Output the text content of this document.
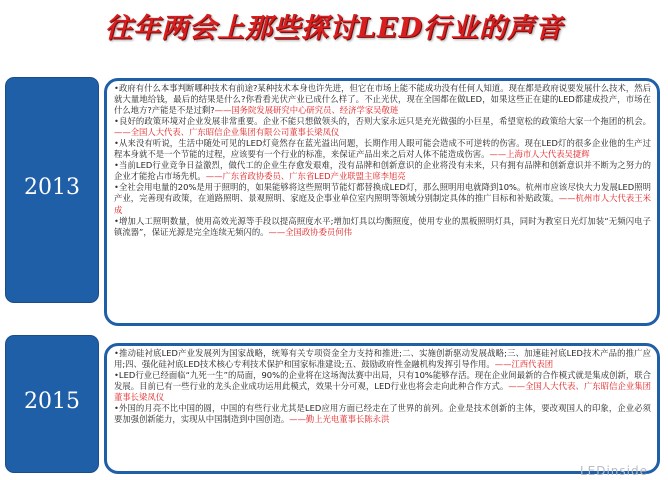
往年两会上那些探讨LED行业的声音
2013
•政府有什么本事判断哪种技术有前途?某种技术本身也许先进，但它在市场上能不能成功没有任何人知道。现在都是政府说要发展什么技术，然后就大量地给钱，最后的结果是什么?你看看光伏产业已成什么样了。不止光伏，现在全国都在做LED，如果这些正在建的LED都建成投产，市场在什么地方?产能是不是过剩?——国务院发展研究中心研究员、经济学家吴敬琏
•良好的政策环境对企业发展非常重要。企业不能只想做领头的，否则大家永远只是充光做强的小巨星，希望宽松的政策给大家一个拖团的机会。——全国人大代表、广东昭信企业集团有限公司董事长梁凤仪
•从来没有听说，生活中随处可见的LED灯竟然存在蓝光溢出问题，长期作用人眼可能会造成不可逆转的伤害。现在LED灯的很多企业他的生产过程本身就不是一个节能的过程，应该要有一个行业的标准，来保证产品出来之后对人体不能造成伤害。——上海市人大代表吴捷辉
•当前LED行业竞争日益激烈，做代工的企业生存愈发艰难，没有品牌和创新意识的企业将没有未来，只有拥有品牌和创新意识并不断为之努力的企业才能抢占市场先机。——广东省政协委员、广东省LED产业联盟主席李旭亮
•全社会用电量的20%是用于照明的，如果能够将这些照明节能灯都替换成LED灯，那么照明用电就降到10%。杭州市应该尽快大力发展LED照明产业，完善现有政策，在道路照明、景观照明、家庭及企事业单位室内照明等领域分别制定具体的推广目标和补贴政策。——杭州市人大代表王米成
•增加人工照明数量，使用高效光源等手段以提高照度水平;增加灯具以均衡照度，使用专业的黑板照明灯具，同时为教室日光灯加装“无频闪电子镇流器”，保证光源是完全连续无频闪的。——全国政协委员何伟
2015
•推动硅衬底LED产业发展列为国家战略，统筹有关专项资金全力支持和推进;二、实施创新驱动发展战略;三、加速硅衬底LED技术产品的推广应用;四、强化硅衬底LED技术核心专利技术保护和国家标准建设;五、鼓励政府性金融机构发挥引导作用。——江西代表团
•LED行业已经面临“九死一生”的局面，90%的企业将在这场淘汰赛中出局，只有10%能够存活。现在企业间最新的合作模式就是集成创新，联合发展。目前已有一些行业的龙头企业成功运用此模式，效果十分可观，LED行业也将会走向此种合作方式。——全国人大代表、广东昭信企业集团董事长梁凤仪
•外国的月亮不比中国的圆，中国的有些行业尤其是LED应用方面已经走在了世界的前列。企业是技术创新的主体，要改观国人的印象，企业必须要加强创新能力，实现从中国制造到中国创造。——勤上光电董事长陈永洪
LEDinside
